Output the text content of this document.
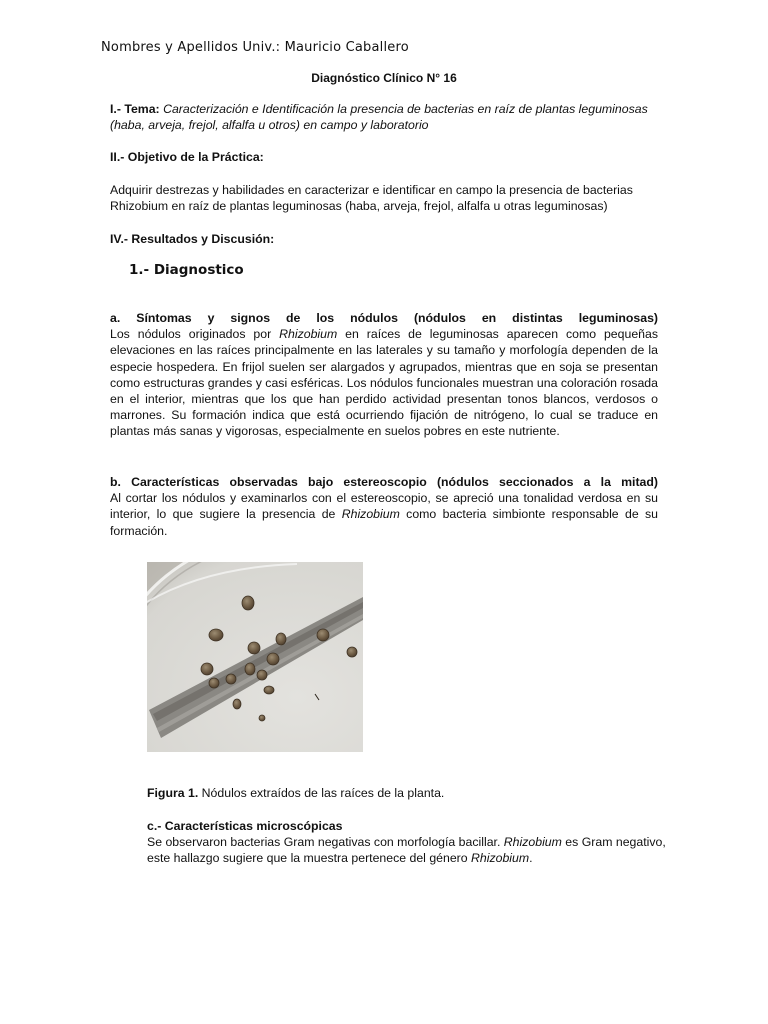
Nombres y Apellidos Univ.: Mauricio Caballero
Diagnóstico Clínico N° 16
I.- Tema: Caracterización e Identificación la presencia de bacterias en raíz de plantas leguminosas (haba, arveja, frejol, alfalfa u otros) en campo y laboratorio
II.- Objetivo de la Práctica:
Adquirir destrezas y habilidades en caracterizar e identificar en campo la presencia de bacterias Rhizobium en raíz de plantas leguminosas (haba, arveja, frejol, alfalfa u otras leguminosas)
IV.- Resultados y Discusión:
1.- Diagnostico
a. Síntomas y signos de los nódulos (nódulos en distintas leguminosas)
Los nódulos originados por Rhizobium en raíces de leguminosas aparecen como pequeñas elevaciones en las raíces principalmente en las laterales y su tamaño y morfología dependen de la especie hospedera. En frijol suelen ser alargados y agrupados, mientras que en soja se presentan como estructuras grandes y casi esféricas. Los nódulos funcionales muestran una coloración rosada en el interior, mientras que los que han perdido actividad presentan tonos blancos, verdosos o marrones. Su formación indica que está ocurriendo fijación de nitrógeno, lo cual se traduce en plantas más sanas y vigorosas, especialmente en suelos pobres en este nutriente.
b. Características observadas bajo estereoscopio (nódulos seccionados a la mitad)
Al cortar los nódulos y examinarlos con el estereoscopio, se apreció una tonalidad verdosa en su interior, lo que sugiere la presencia de Rhizobium como bacteria simbionte responsable de su formación.
Figura 1. Nódulos extraídos de las raíces de la planta.
c.- Características microscópicas
Se observaron bacterias Gram negativas con morfología bacillar. Rhizobium es Gram negativo, este hallazgo sugiere que la muestra pertenece del género Rhizobium.
